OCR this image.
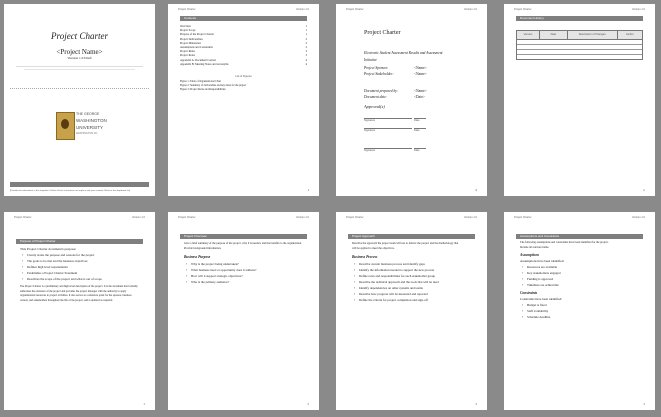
Project Charter
<Project Name>
Version 1.0 Draft
THE GEORGE
WASHINGTON
UNIVERSITY
WASHINGTON DC
[Provide the information in this template. Delete all text in brackets and replace with your content. Refer to the dropdown list]
Project Charter	Version 1.0
Contents
Overview	1
Project Scope	1
Purpose of the Project Charter	1
Project Deliverables	2
Project Milestones	2
Assumptions and Constraints	2
Project Risks	3
Project Roles	3
Appendix A: Document Control	4
Appendix B: Meeting Notes and Acronyms	4
List of Figures
Figure 1: Table of Organizational Chart
Figure 2: Summary of deliverables and key dates for the project
Figure 3: Project Roles and Responsibilities
ii
Project Charter	Version 1.0
Project Charter
Electronic Student Assessment Results and Assessment Initiative
Project Sponsor:	<Name>
Project Stakeholder:	<Name>
Document prepared by:	<Name>
Document date:	<Date>
Approval(s)
Signature	Date
Signature	Date
Signature	Date
iii
Project Charter	Version 1.0
Document History
Version	Date	Description of Changes	Author
iv
Project Charter	Version 1.0
Purpose of Project Charter
This Project Charter document's purpose:
• Clearly states the purpose and reasons for the project
• The goals to be met and the business objectives
• Defines high level requirements
• Establishes a Project Charter Statement
• Describes the scope of the project and what is out of scope
The Project Charter is a preliminary and high-level description of the project. It is the document that formally
authorizes the existence of the project and provides the project manager with the authority to apply
organizational resources to project activities. It also serves as a reference point for the sponsor, business
owners, and stakeholders throughout the life of the project, and is updated as required.
1
Project Charter	Version 1.0
Project Overview
Give a brief summary of the purpose of the project, why it is needed, and the benefits to the organization.
Provide background information.
Business Purpose
• Why is the project being undertaken?
• What business need or opportunity does it address?
• How will it support strategic objectives?
• Who is the primary audience?
2
Project Charter	Version 1.0
Project Approach
Describe the approach the project team will use to deliver the project and the methodology that
will be applied to meet the objectives.
Business Process
• Describe current business process and identify gaps
• Identify the information needed to support the new process
• Define roles and responsibilities for each stakeholder group
• Describe the technical approach and the tools that will be used
• Identify dependencies on other systems and teams
• Describe how progress will be measured and reported
• Define the criteria for project completion and sign-off
3
Project Charter	Version 1.0
Assumptions and Constraints
The following assumptions and constraints have been identified for the project.
Include all relevant items.
Assumptions
Assumptions have been identified:
• Resources are available
• Key stakeholders engaged
• Funding is approved
• Timelines are achievable
Constraints
Constraints have been identified:
• Budget is fixed
• Staff availability
• Schedule deadline
4
